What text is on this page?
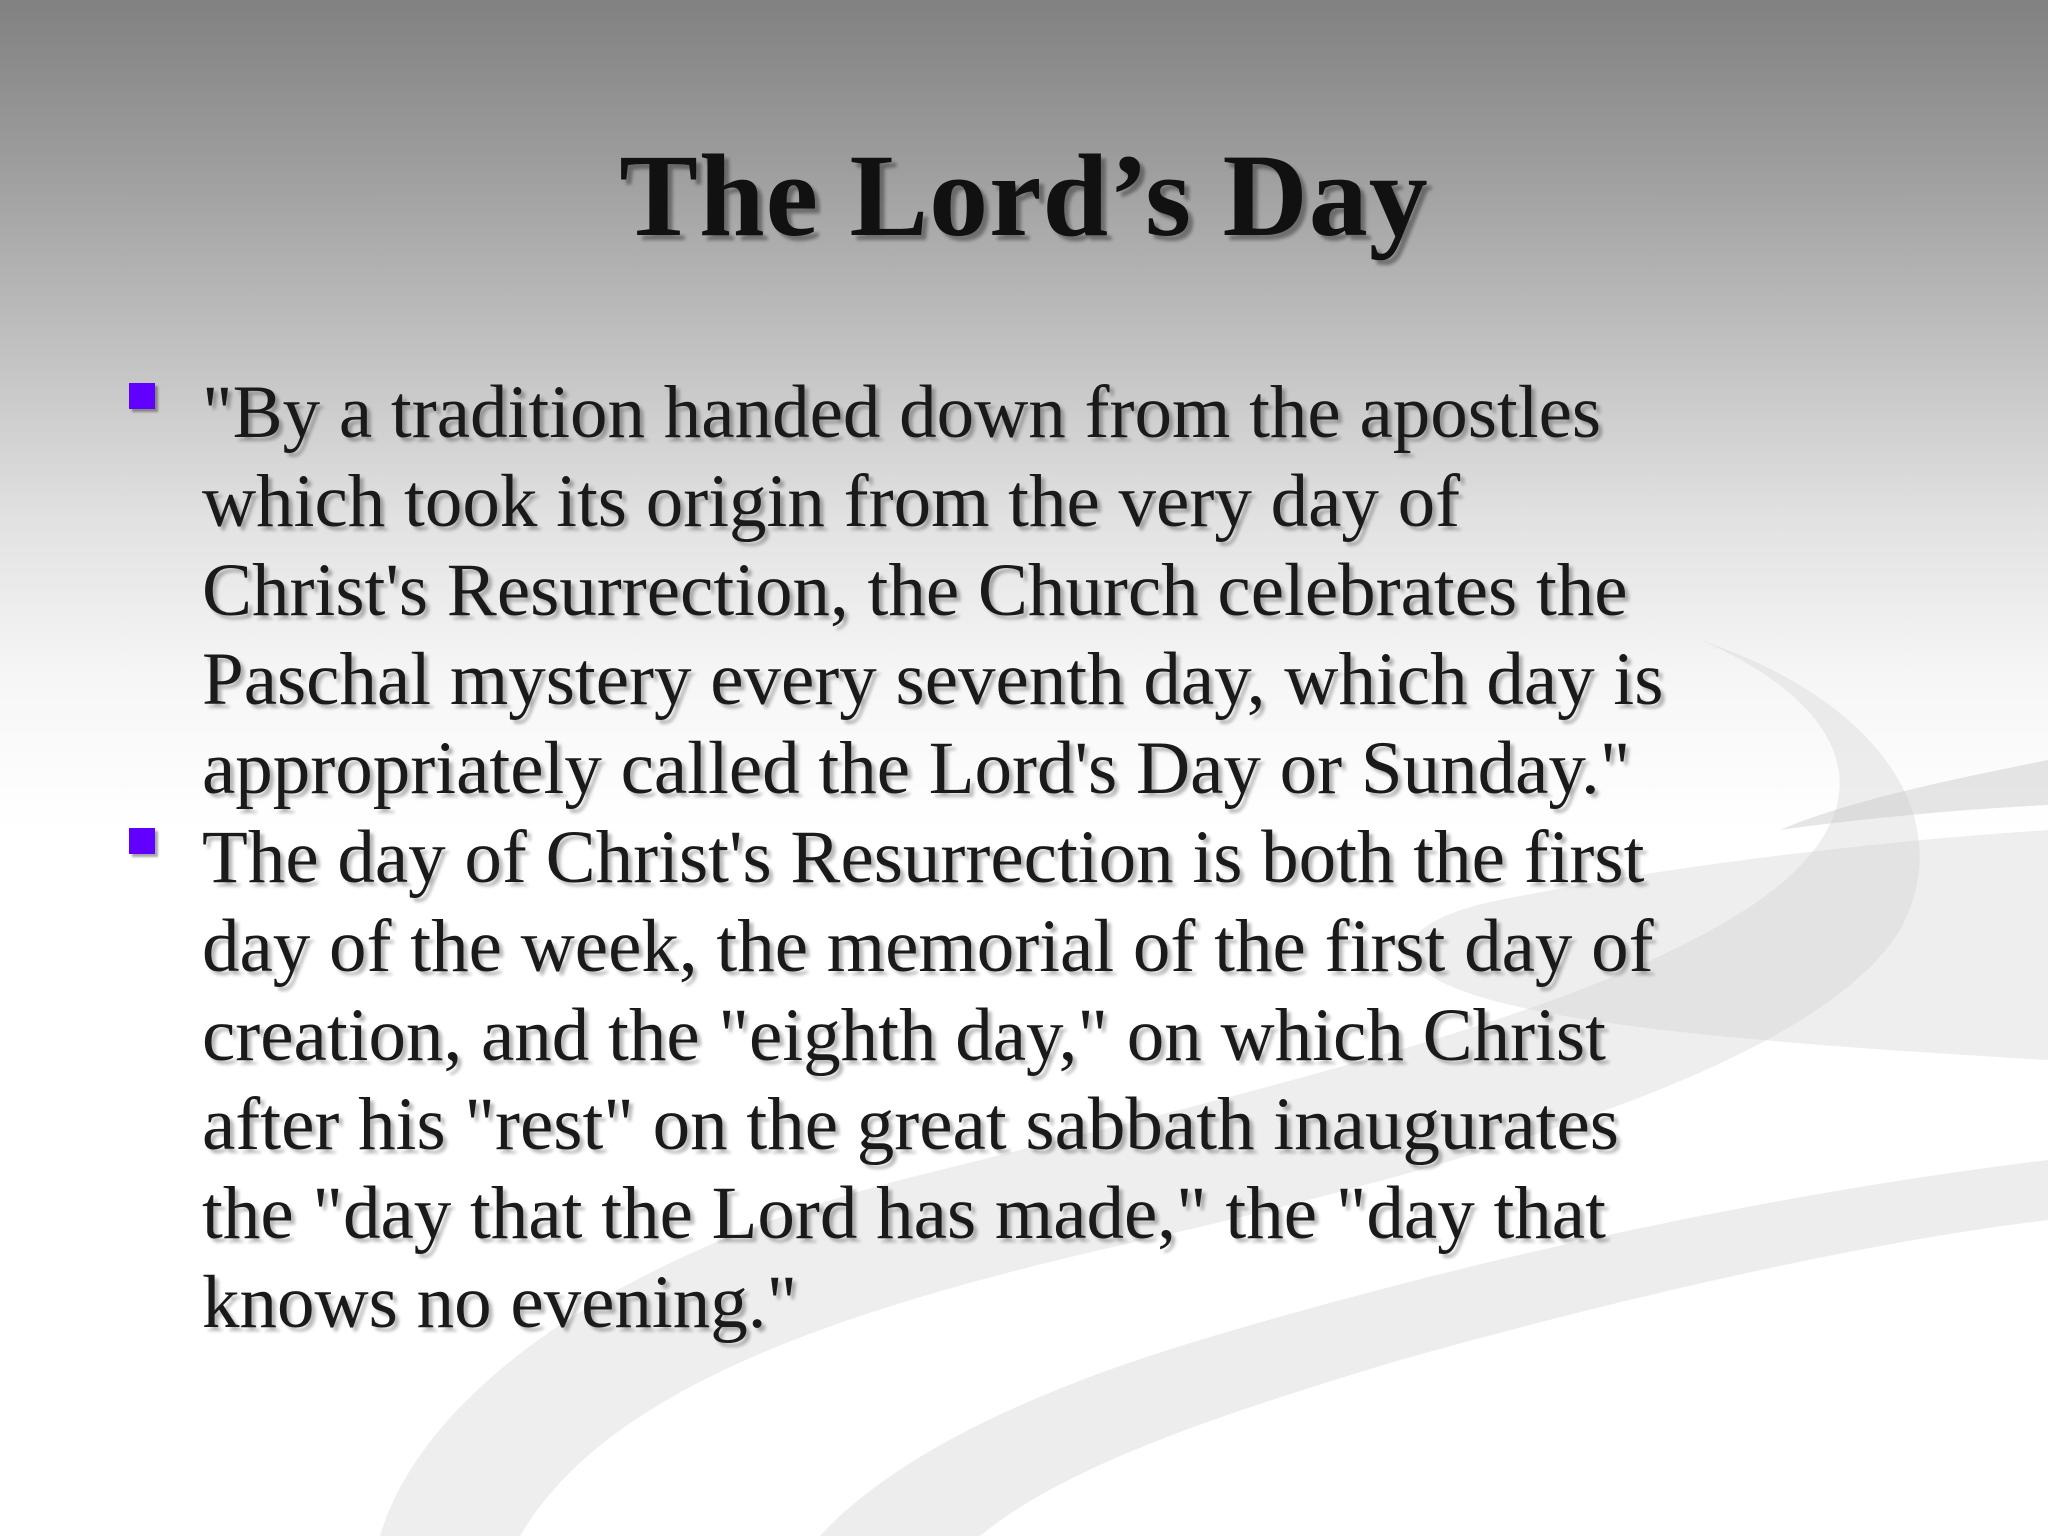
The Lord’s Day
"By a tradition handed down from the apostles
which took its origin from the very day of
Christ's Resurrection, the Church celebrates the
Paschal mystery every seventh day, which day is
appropriately called the Lord's Day or Sunday."
The day of Christ's Resurrection is both the first
day of the week, the memorial of the first day of
creation, and the "eighth day," on which Christ
after his "rest" on the great sabbath inaugurates
the "day that the Lord has made," the "day that
knows no evening."
